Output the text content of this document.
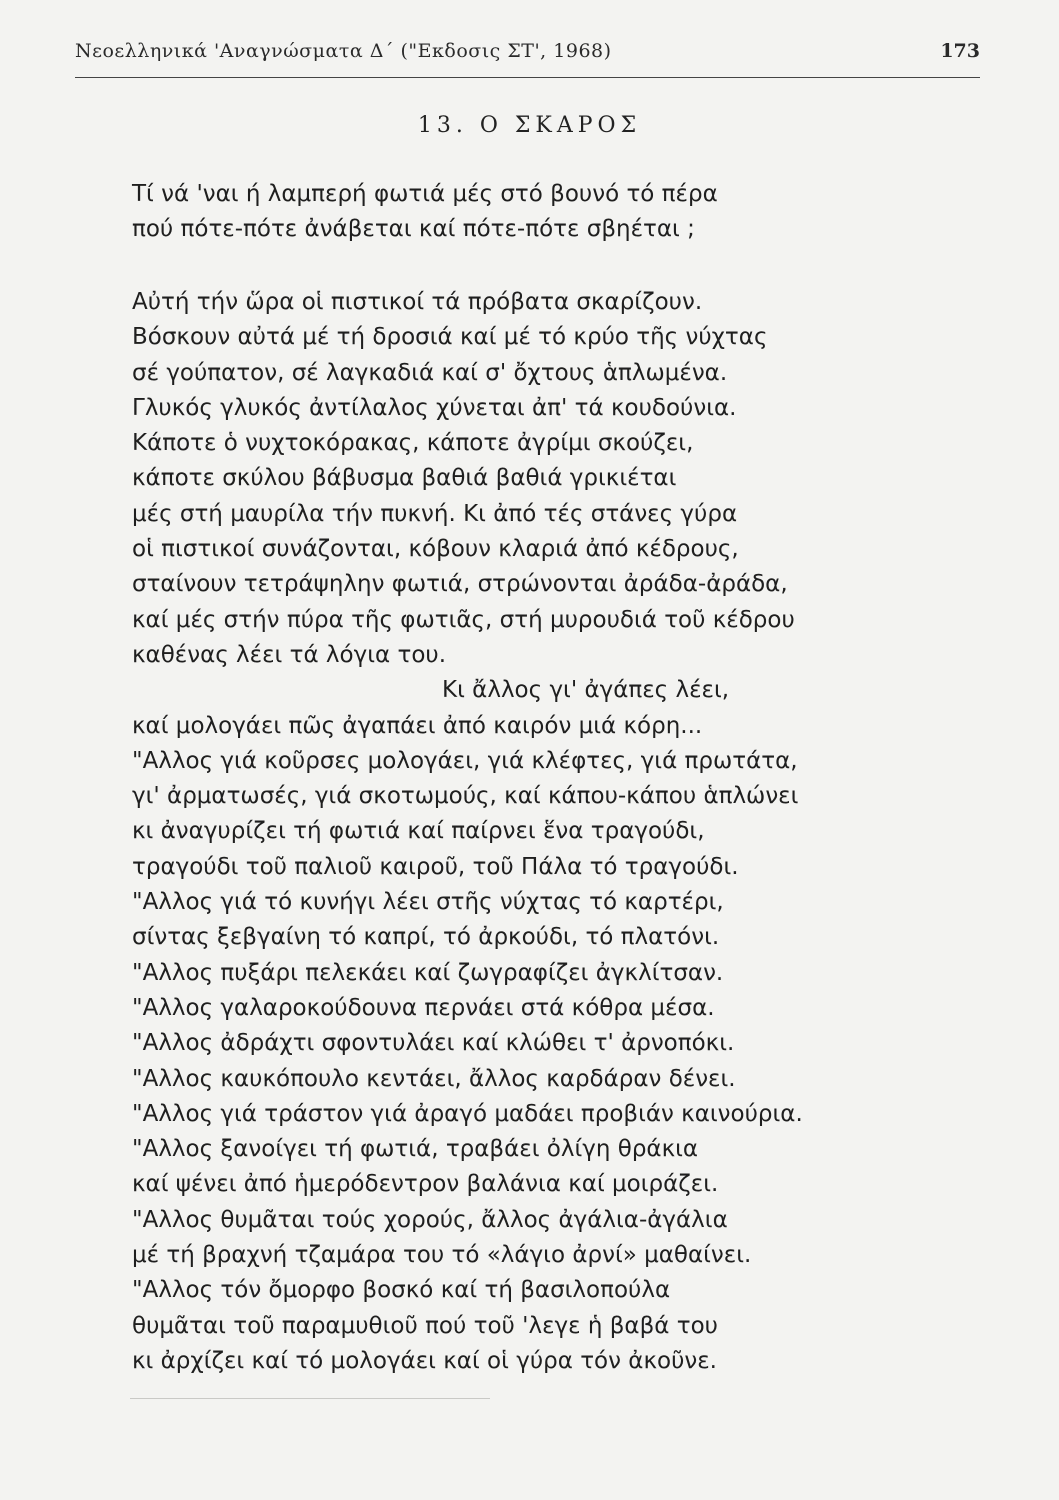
Νεοελληνικά 'Αναγνώσματα Δ΄ ("Εκδοσις ΣΤ', 1968)	173
13. Ο ΣΚΑΡΟΣ
Τί νά 'ναι ή λαμπερή φωτιά μές στό βουνό τό πέρα
πού πότε-πότε ἀνάβεται καί πότε-πότε σβηέται ;
Αὐτή τήν ὥρα οἱ πιστικοί τά πρόβατα σκαρίζουν.
Βόσκουν αὐτά μέ τή δροσιά καί μέ τό κρύο τῆς νύχτας
σέ γούπατον, σέ λαγκαδιά καί σ' ὄχτους ἁπλωμένα.
Γλυκός γλυκός ἀντίλαλος χύνεται ἀπ' τά κουδούνια.
Κάποτε ὁ νυχτοκόρακας, κάποτε ἀγρίμι σκούζει,
κάποτε σκύλου βάβυσμα βαθιά βαθιά γρικιέται
μές στή μαυρίλα τήν πυκνή. Κι ἀπό τές στάνες γύρα
οἱ πιστικοί συνάζονται, κόβουν κλαριά ἀπό κέδρους,
σταίνουν τετράψηλην φωτιά, στρώνονται ἀράδα-ἀράδα,
καί μές στήν πύρα τῆς φωτιᾶς, στή μυρουδιά τοῦ κέδρου
καθένας λέει τά λόγια του.
Κι ἄλλος γι' ἀγάπες λέει,
καί μολογάει πῶς ἀγαπάει ἀπό καιρόν μιά κόρη...
"Αλλος γιά κοῦρσες μολογάει, γιά κλέφτες, γιά πρωτάτα,
γι' ἀρματωσές, γιά σκοτωμούς, καί κάπου-κάπου ἁπλώνει
κι ἀναγυρίζει τή φωτιά καί παίρνει ἕνα τραγούδι,
τραγούδι τοῦ παλιοῦ καιροῦ, τοῦ Πάλα τό τραγούδι.
"Αλλος γιά τό κυνήγι λέει στῆς νύχτας τό καρτέρι,
σίντας ξεβγαίνη τό καπρί, τό ἀρκούδι, τό πλατόνι.
"Αλλος πυξάρι πελεκάει καί ζωγραφίζει ἀγκλίτσαν.
"Αλλος γαλαροκούδουνα περνάει στά κόθρα μέσα.
"Αλλος ἀδράχτι σφοντυλάει καί κλώθει τ' ἀρνοπόκι.
"Αλλος καυκόπουλο κεντάει, ἄλλος καρδάραν δένει.
"Αλλος γιά τράστον γιά ἀραγό μαδάει προβιάν καινούρια.
"Αλλος ξανοίγει τή φωτιά, τραβάει ὀλίγη θράκια
καί ψένει ἀπό ἡμερόδεντρον βαλάνια καί μοιράζει.
"Αλλος θυμᾶται τούς χορούς, ἄλλος ἀγάλια-ἀγάλια
μέ τή βραχνή τζαμάρα του τό «λάγιο ἀρνί» μαθαίνει.
"Αλλος τόν ὄμορφο βοσκό καί τή βασιλοπούλα
θυμᾶται τοῦ παραμυθιοῦ πού τοῦ 'λεγε ἡ βαβά του
κι ἀρχίζει καί τό μολογάει καί οἱ γύρα τόν ἀκοῦνε.
